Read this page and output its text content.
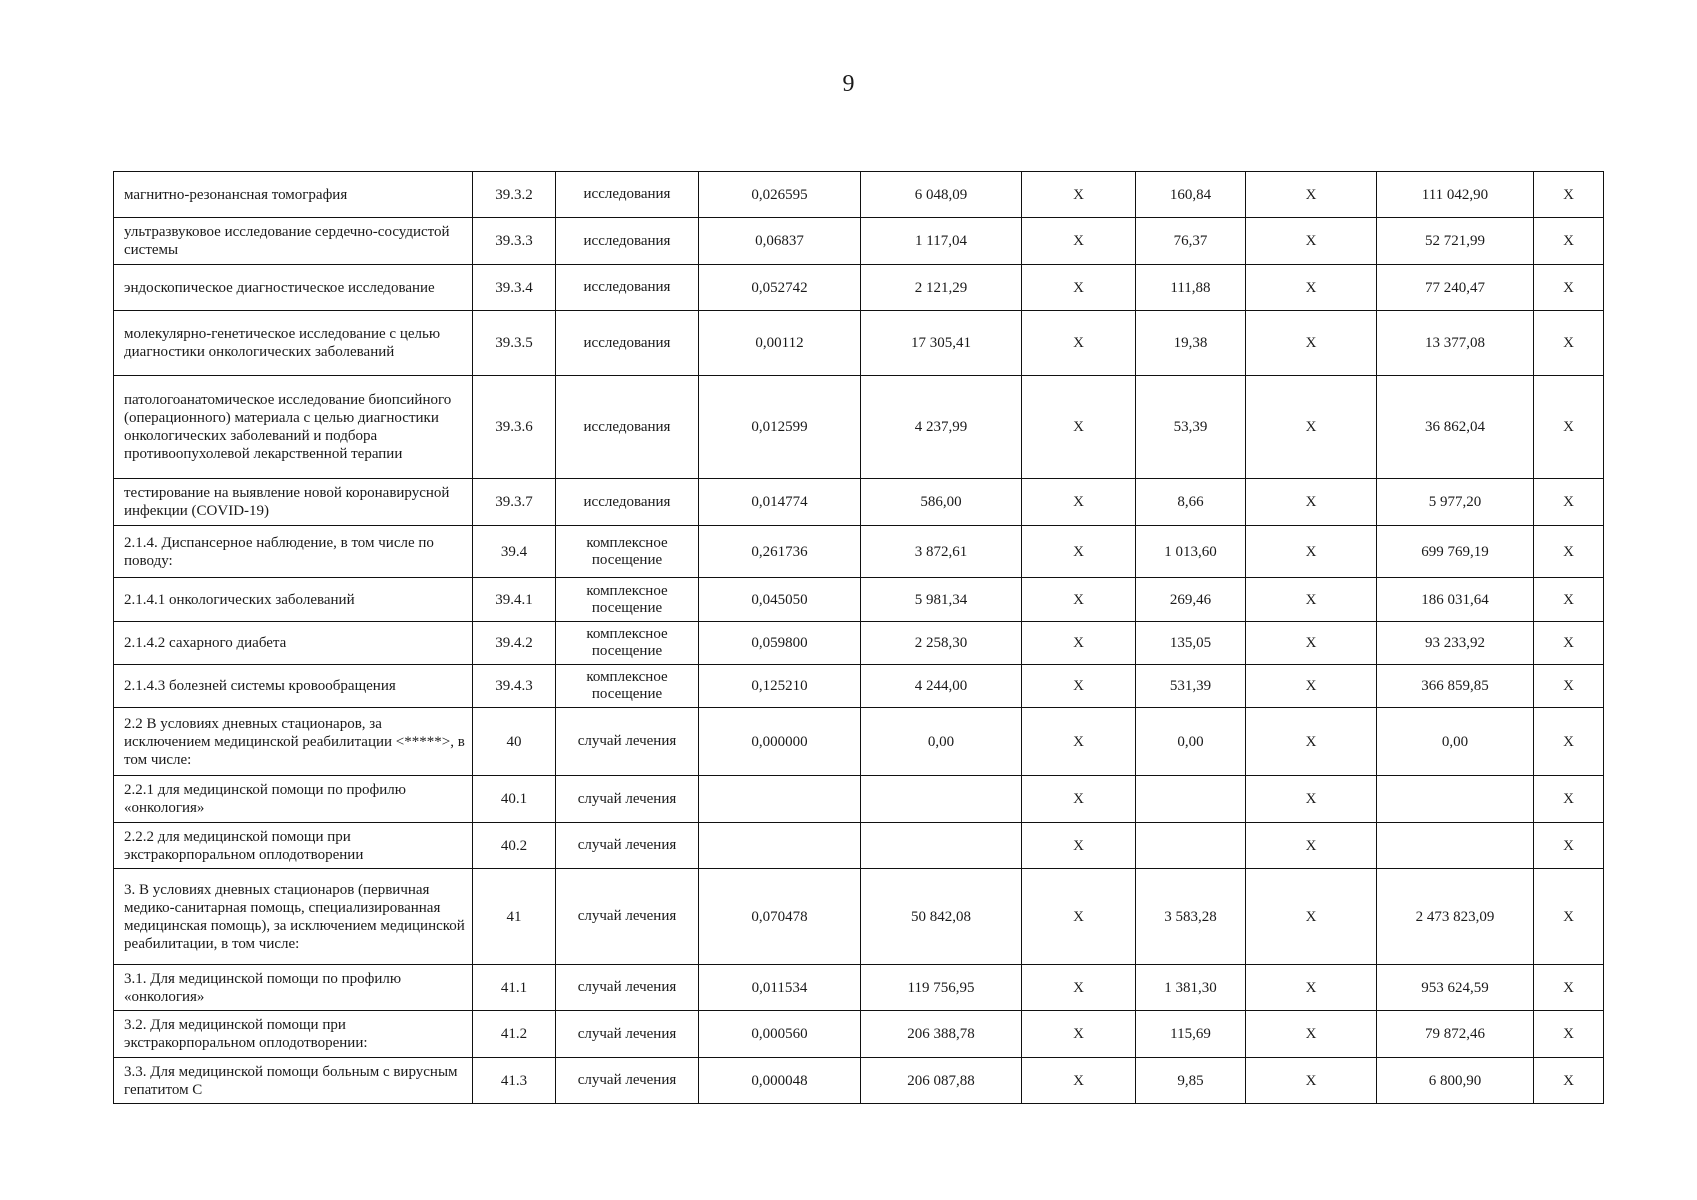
9
магнитно-резонансная томография	39.3.2	исследования	0,026595	6 048,09	X	160,84	X	111 042,90	X
ультразвуковое исследование сердечно-сосудистой системы	39.3.3	исследования	0,06837	1 117,04	X	76,37	X	52 721,99	X
эндоскопическое диагностическое исследование	39.3.4	исследования	0,052742	2 121,29	X	111,88	X	77 240,47	X
молекулярно-генетическое исследование с целью диагностики онкологических заболеваний	39.3.5	исследования	0,00112	17 305,41	X	19,38	X	13 377,08	X
патологоанатомическое исследование биопсийного (операционного) материала с целью диагностики онкологических заболеваний и подбора противоопухолевой лекарственной терапии	39.3.6	исследования	0,012599	4 237,99	X	53,39	X	36 862,04	X
тестирование на выявление новой коронавирусной инфекции (COVID-19)	39.3.7	исследования	0,014774	586,00	X	8,66	X	5 977,20	X
2.1.4. Диспансерное наблюдение, в том числе по поводу:	39.4	комплексное посещение	0,261736	3 872,61	X	1 013,60	X	699 769,19	X
2.1.4.1 онкологических заболеваний	39.4.1	комплексное посещение	0,045050	5 981,34	X	269,46	X	186 031,64	X
2.1.4.2 сахарного диабета	39.4.2	комплексное посещение	0,059800	2 258,30	X	135,05	X	93 233,92	X
2.1.4.3 болезней системы кровообращения	39.4.3	комплексное посещение	0,125210	4 244,00	X	531,39	X	366 859,85	X
2.2 В условиях дневных стационаров, за исключением медицинской реабилитации <*****>, в том числе:	40	случай лечения	0,000000	0,00	X	0,00	X	0,00	X
2.2.1 для медицинской помощи по профилю «онкология»	40.1	случай лечения			X		X		X
2.2.2 для медицинской помощи при экстракорпоральном оплодотворении	40.2	случай лечения			X		X		X
3. В условиях дневных стационаров (первичная медико-санитарная помощь, специализированная медицинская помощь), за исключением медицинской реабилитации, в том числе:	41	случай лечения	0,070478	50 842,08	X	3 583,28	X	2 473 823,09	X
3.1. Для медицинской помощи по профилю «онкология»	41.1	случай лечения	0,011534	119 756,95	X	1 381,30	X	953 624,59	X
3.2. Для медицинской помощи при экстракорпоральном оплодотворении:	41.2	случай лечения	0,000560	206 388,78	X	115,69	X	79 872,46	X
3.3. Для медицинской помощи больным с вирусным гепатитом С	41.3	случай лечения	0,000048	206 087,88	X	9,85	X	6 800,90	X
